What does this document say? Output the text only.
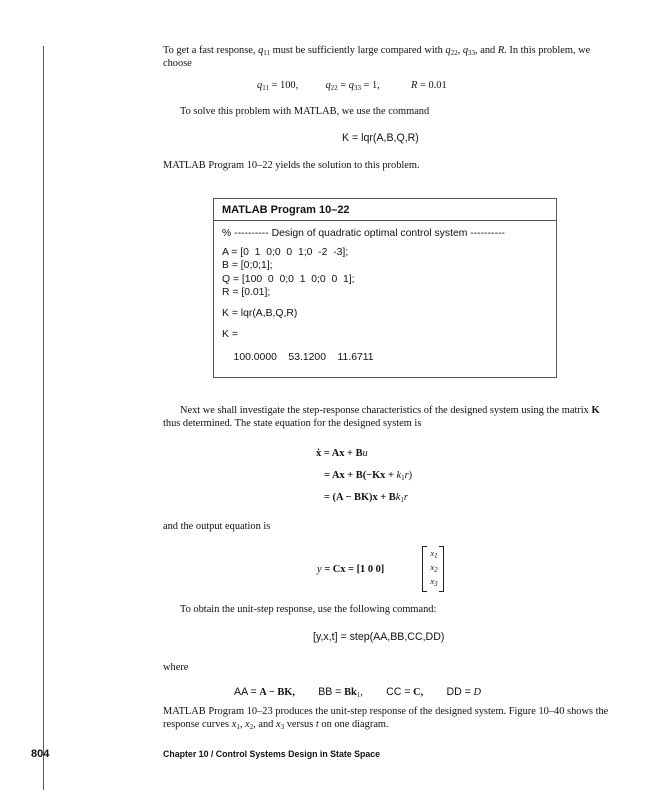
To get a fast response, $q_{11}$ must be sufficiently large compared with $q_{22}$, $q_{33}$, and R. In this problem, we choose

$q_{11} = 100$,	$q_{22} = q_{33} = 1$,	R = 0.01

To solve this problem with MATLAB, we use the command

K = lqr(A,B,Q,R)

MATLAB Program 10–22 yields the solution to this problem.

MATLAB Program 10–22
% ---------- Design of quadratic optimal control system ----------
A = [0  1  0;0  0  1;0  -2  -3];
B = [0;0;1];
Q = [100  0  0;0  1  0;0  0  1];
R = [0.01];
K = lqr(A,B,Q,R)
K =
100.0000    53.1200    11.6711

Next we shall investigate the step-response characteristics of the designed system using the matrix K thus determined. The state equation for the designed system is

ẋ = Ax + Bu
= $Ax + B(-Kx + k_1r)$
= $(A - BK)x + Bk_1r$

and the output equation is

y = Cx = [1 0 0]
$x_1$
$x_2$
$x_3$

To obtain the unit-step response, use the following command:

[y,x,t] = step(AA,BB,CC,DD)

where

AA = A − BK, BB = $Bk_1$, CC = C, DD = D

MATLAB Program 10–23 produces the unit-step response of the designed system. Figure 10–40 shows the response curves $x_1$, $x_2$, and $x_3$ versus t on one diagram.

804	Chapter 10 / Control Systems Design in State Space
